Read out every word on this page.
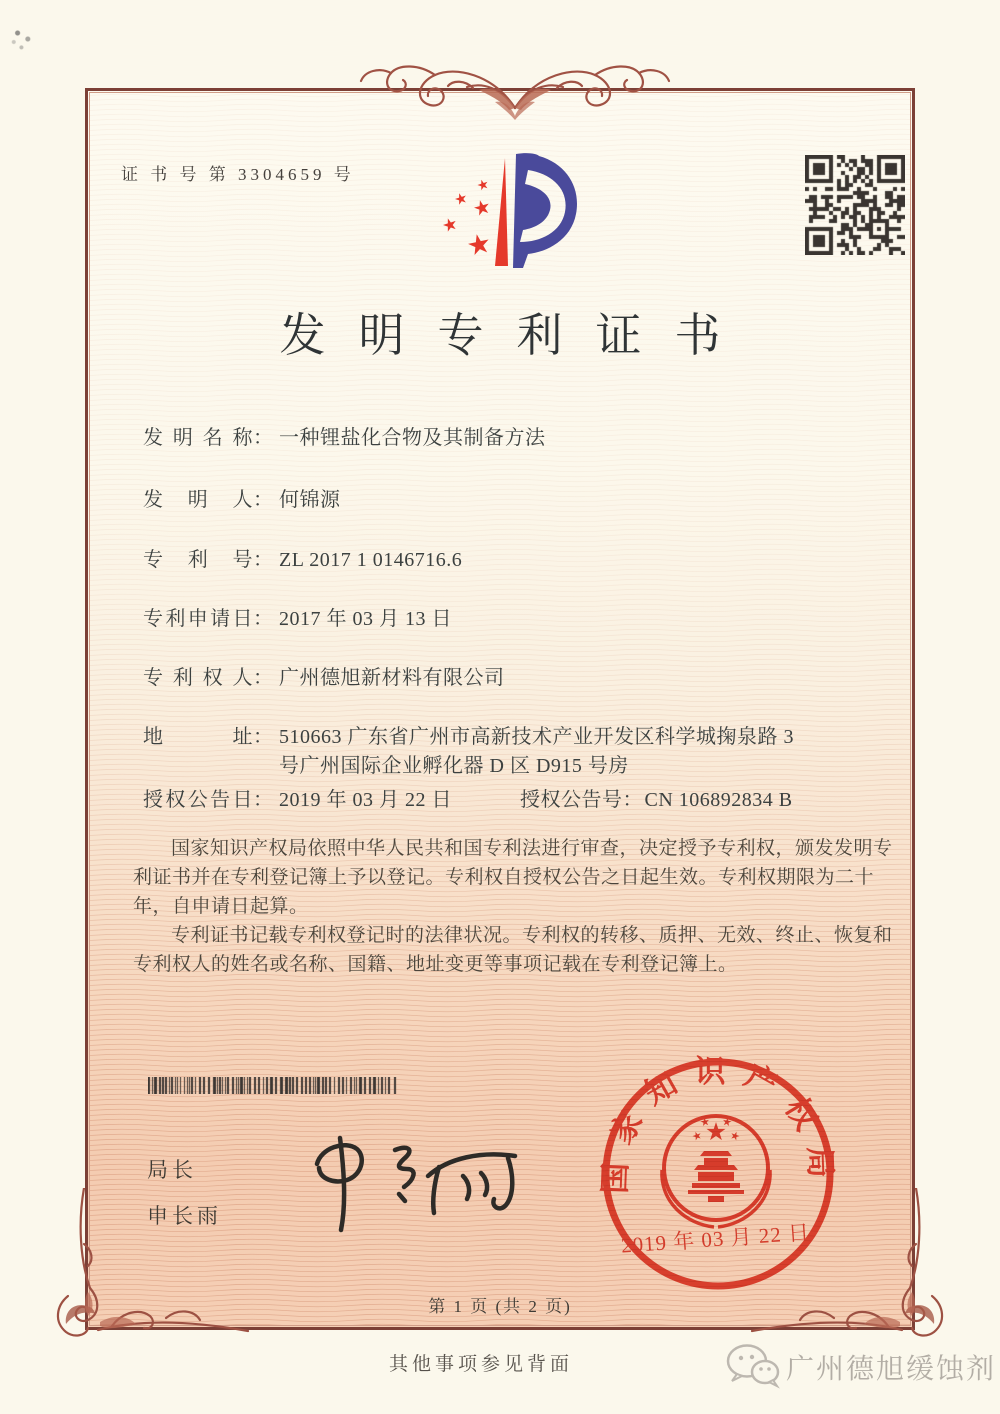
证 书 号 第 3304659 号
发明专利证书
发明名称 ： 一种锂盐化合物及其制备方法
发明人 ： 何锦源
专利号 ： ZL 2017 1 0146716.6
专利申请日 ： 2017 年 03 月 13 日
专利权人 ： 广州德旭新材料有限公司
地址 ： 510663 广东省广州市高新技术产业开发区科学城掬泉路 3
号广州国际企业孵化器 D 区 D915 号房
授权公告日 ： 2019 年 03 月 22 日	授权公告号 ： CN 106892834 B

国家知识产权局依照中华人民共和国专利法进行审查，决定授予专利权，颁发发明专利证书并在专利登记簿上予以登记。专利权自授权公告之日起生效。专利权期限为二十年，自申请日起算。

专利证书记载专利权登记时的法律状况。专利权的转移、质押、无效、终止、恢复和专利权人的姓名或名称、国籍、地址变更等事项记载在专利登记簿上。

局长
申长雨
国家知识产权局
2019 年 03 月 22 日
第 1 页 (共 2 页)
其他事项参见背面	广州德旭缓蚀剂
